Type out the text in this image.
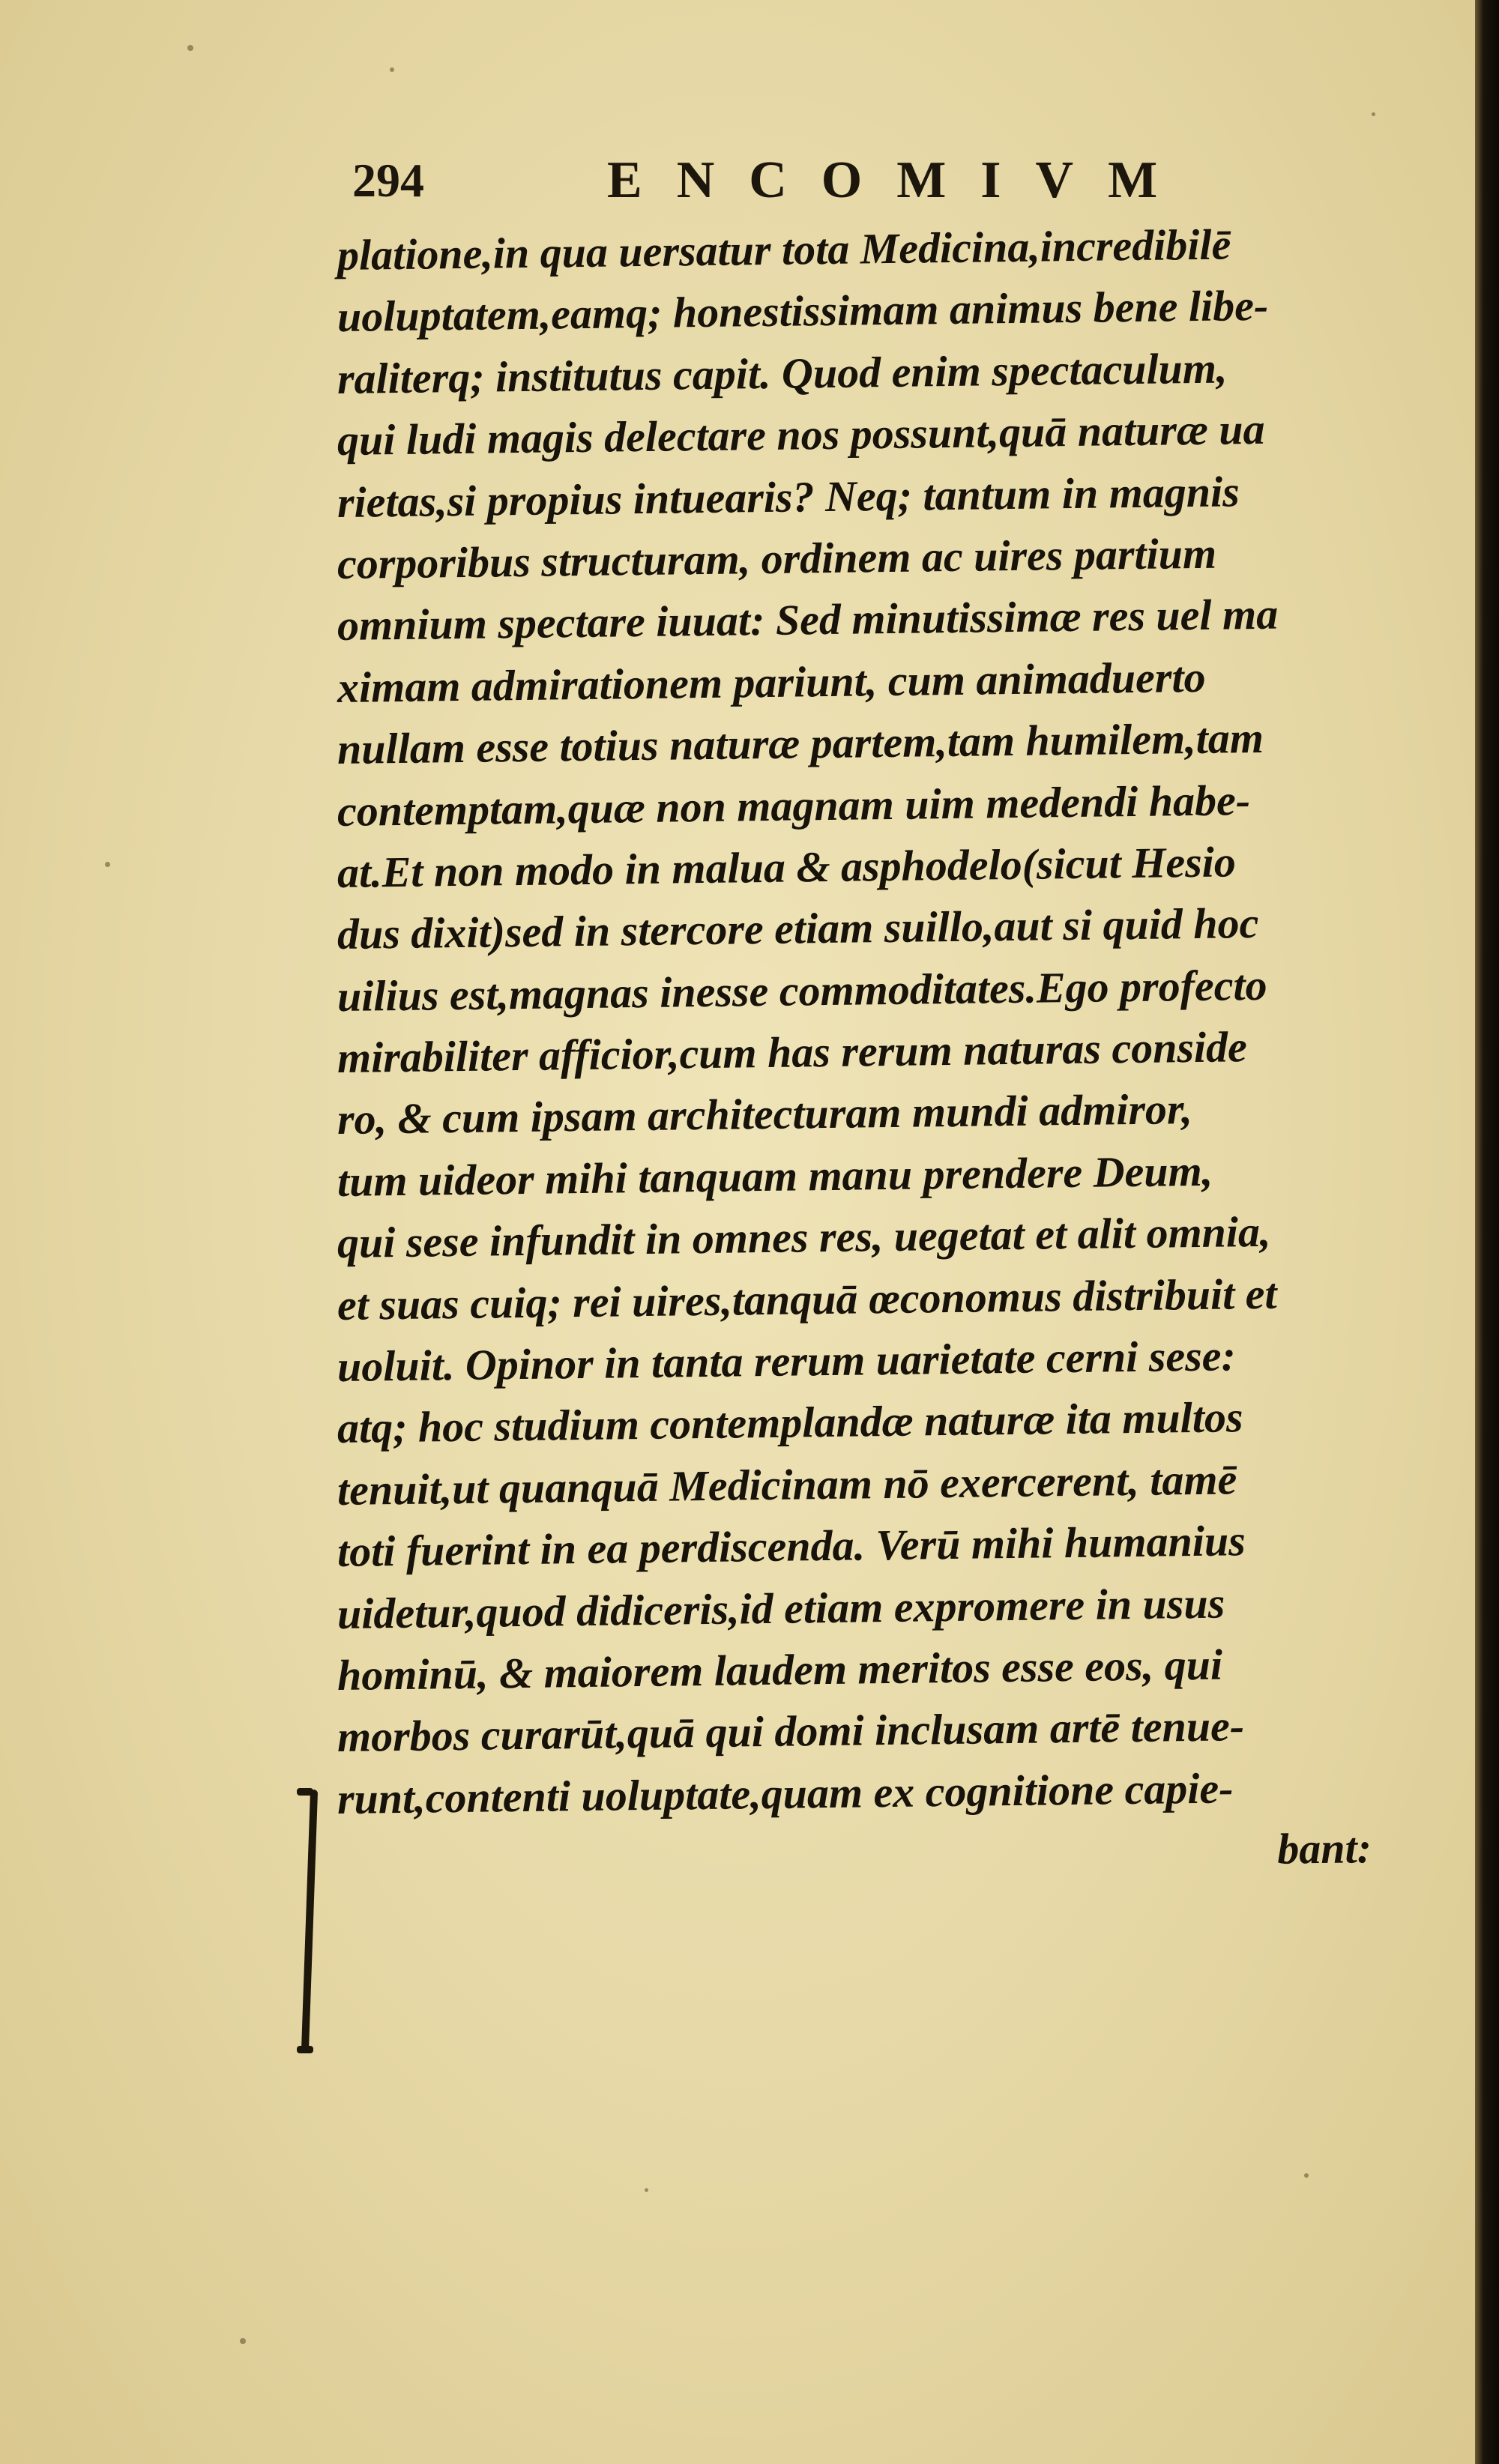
294	ENCOMIVM
platione,in qua uersatur tota Medicina,incredibilē
uoluptatem,eamq; honestissimam animus bene libe-
raliterq; institutus capit. Quod enim spectaculum,
qui ludi magis delectare nos possunt,quā naturæ ua
rietas,si propius intuearis? Neq; tantum in magnis
corporibus structuram, ordinem ac uires partium
omnium spectare iuuat: Sed minutissimæ res uel ma
ximam admirationem pariunt, cum animaduerto
nullam esse totius naturæ partem,tam humilem,tam
contemptam,quæ non magnam uim medendi habe-
at.Et non modo in malua & asphodelo(sicut Hesio
dus dixit)sed in stercore etiam suillo,aut si quid hoc
uilius est,magnas inesse commoditates.Ego profecto
mirabiliter afficior,cum has rerum naturas conside
ro, & cum ipsam architecturam mundi admiror,
tum uideor mihi tanquam manu prendere Deum,
qui sese infundit in omnes res, uegetat et alit omnia,
et suas cuiq; rei uires,tanquā œconomus distribuit et
uoluit. Opinor in tanta rerum uarietate cerni sese:
atq; hoc studium contemplandæ naturæ ita multos
tenuit,ut quanquā Medicinam nō exercerent, tamē
toti fuerint in ea perdiscenda. Verū mihi humanius
uidetur,quod didiceris,id etiam expromere in usus
hominū, & maiorem laudem meritos esse eos, qui
morbos curarūt,quā qui domi inclusam artē tenue-
runt,contenti uoluptate,quam ex cognitione capie-
bant:
